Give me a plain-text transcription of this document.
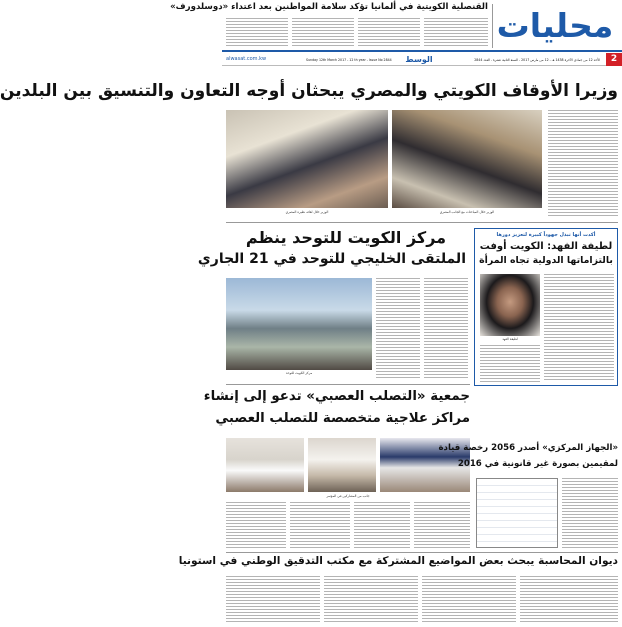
محليات
القنصلية الكويتية في ألمانيا تؤكد سلامة المواطنين بعد اعتداء «دوسلدورف»
alwasat.com.kw	الوسط
Sunday 12th March 2017 - 12 th year - Issue No 2844	الأحد 12 من جمادى الآخرة 1438 هـ - 12 من مارس 2017 - السنة الثانية عشرة - العدد 2844	2
وزيرا الأوقاف الكويتي والمصري يبحثان أوجه التعاون والتنسيق بين البلدين
الوزير خلال لقائه نظيره المصري	الوزير خلال المباحثات مع الجانب المصري
مركز الكويت للتوحد ينظم
الملتقى الخليجي للتوحد في 21 الجاري
مركز الكويت للتوحد
أكدت أنها تبذل جهوداً كبيرة لتعزيز دورها
لطيفة الفهد: الكويت أوفت
بالتزاماتها الدولية تجاه المرأة
لطيفة الفهد
جمعية «التصلب العصبي» تدعو إلى إنشاء
مراكز علاجية متخصصة للتصلب العصبي
جانب من المشاركين في المؤتمر
«الجهاز المركزي» أصدر 2056 رخصة قيادة
لمقيمين بصورة غير قانونية في 2016
ديوان المحاسبة يبحث بعض المواضيع المشتركة مع مكتب التدقيق الوطني في استونيا
